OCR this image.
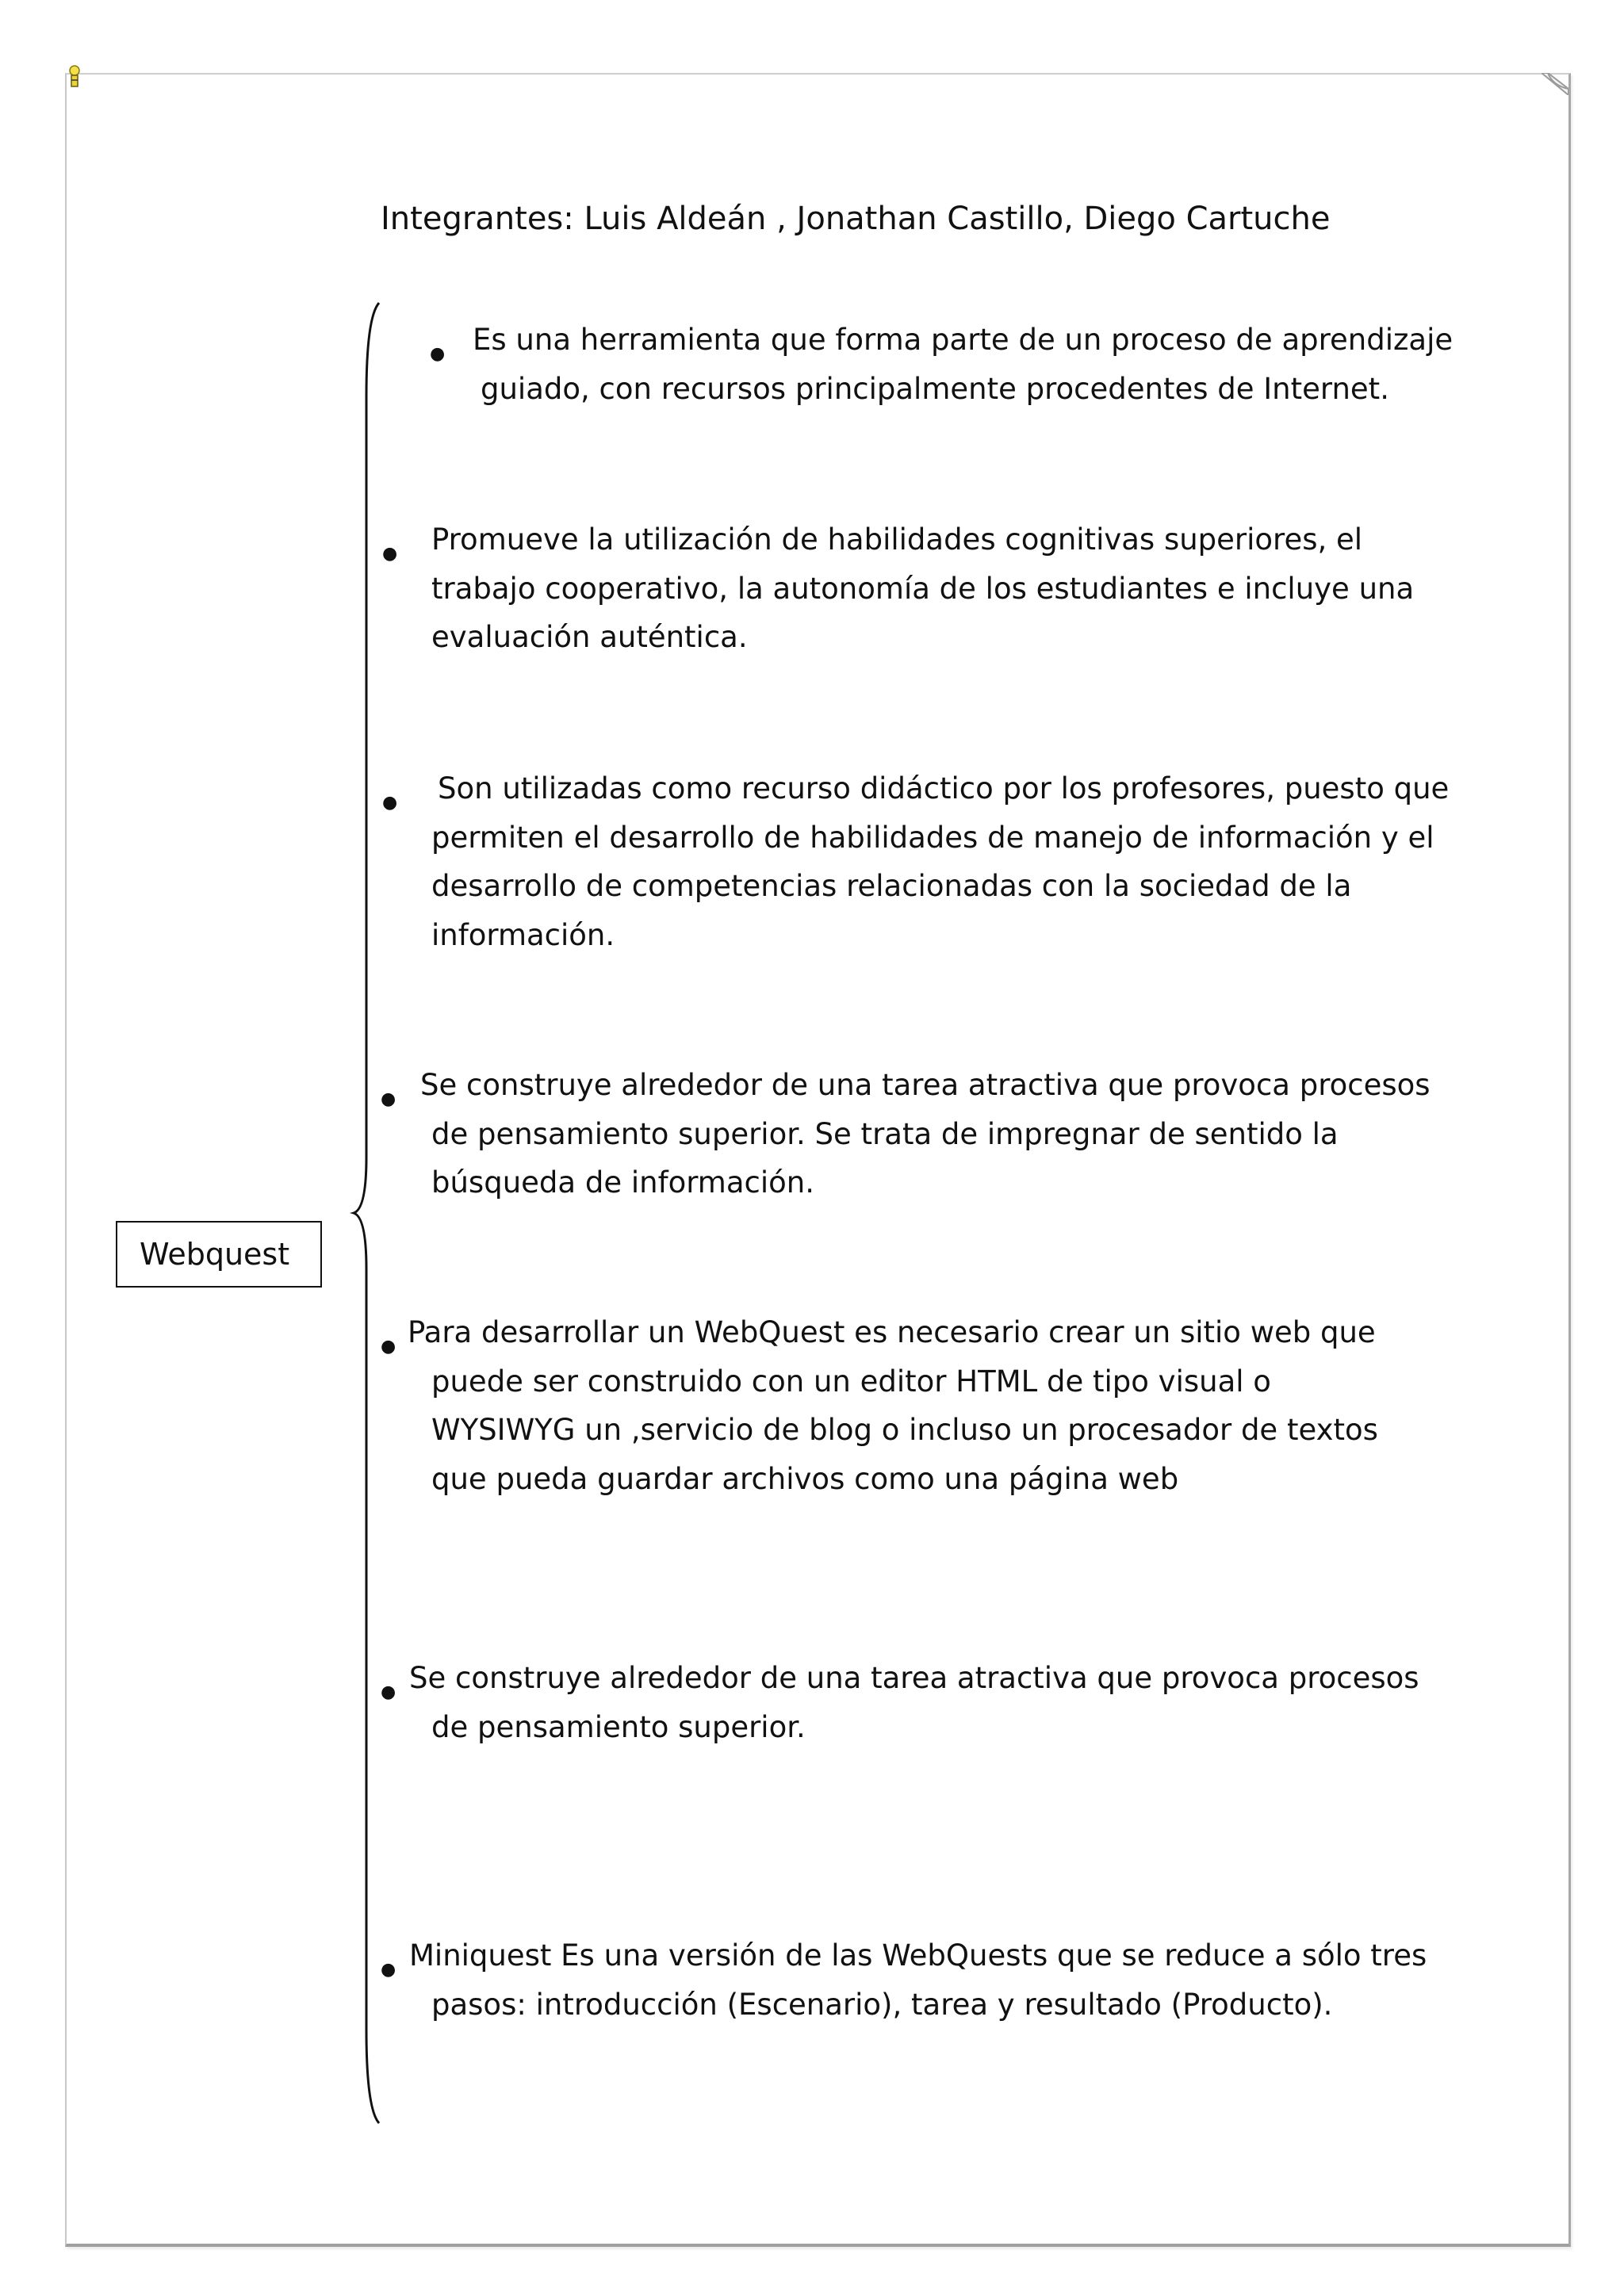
Integrantes: Luis Aldeán , Jonathan Castillo, Diego Cartuche
Webquest
● Es una herramienta que forma parte de un proceso de aprendizaje
guiado, con recursos principalmente procedentes de Internet.
● Promueve la utilización de habilidades cognitivas superiores, el
trabajo cooperativo, la autonomía de los estudiantes e incluye una
evaluación auténtica.
● Son utilizadas como recurso didáctico por los profesores, puesto que
permiten el desarrollo de habilidades de manejo de información y el
desarrollo de competencias relacionadas con la sociedad de la
información.
● Se construye alrededor de una tarea atractiva que provoca procesos
de pensamiento superior. Se trata de impregnar de sentido la
búsqueda de información.
● Para desarrollar un WebQuest es necesario crear un sitio web que
puede ser construido con un editor HTML de tipo visual o
WYSIWYG un ,servicio de blog o incluso un procesador de textos
que pueda guardar archivos como una página web
● Se construye alrededor de una tarea atractiva que provoca procesos
de pensamiento superior.
● Miniquest Es una versión de las WebQuests que se reduce a sólo tres
pasos: introducción (Escenario), tarea y resultado (Producto).
